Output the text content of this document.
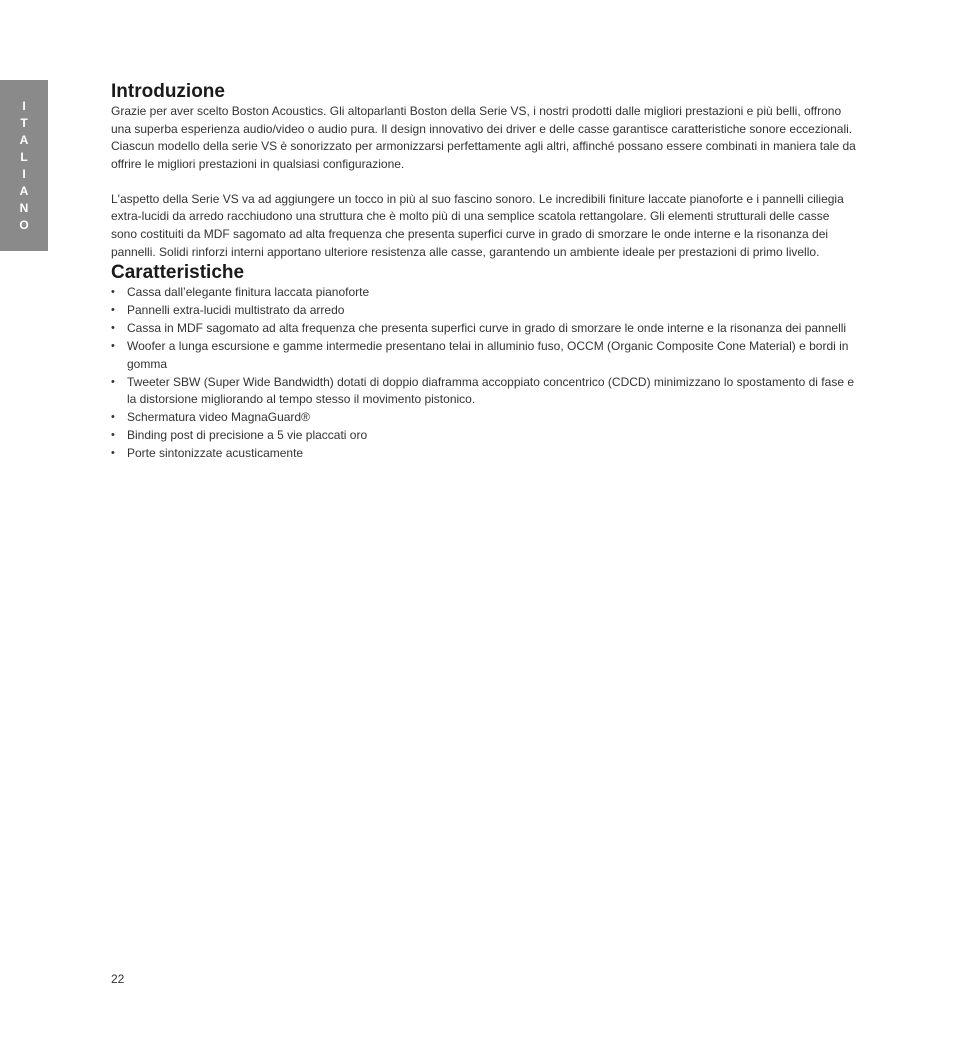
I
T
A
L
I
A
N
O
Introduzione

Grazie per aver scelto Boston Acoustics. Gli altoparlanti Boston della Serie VS, i nostri prodotti dalle migliori prestazioni e più belli, offrono una superba esperienza audio/video o audio pura. Il design innovativo dei driver e delle casse garantisce caratteristiche sonore eccezionali. Ciascun modello della serie VS è sonorizzato per armonizzarsi perfettamente agli altri, affinché possano essere combinati in maniera tale da offrire le migliori prestazioni in qualsiasi configurazione.

L'aspetto della Serie VS va ad aggiungere un tocco in più al suo fascino sonoro. Le incredibili finiture laccate pianoforte e i pannelli ciliegia extra-lucidi da arredo racchiudono una struttura che è molto più di una semplice scatola rettangolare. Gli elementi strutturali delle casse sono costituiti da MDF sagomato ad alta frequenza che presenta superfici curve in grado di smorzare le onde interne e la risonanza dei pannelli. Solidi rinforzi interni apportano ulteriore resistenza alle casse, garantendo un ambiente ideale per prestazioni di primo livello.

Caratteristiche
• Cassa dall’elegante finitura laccata pianoforte
• Pannelli extra-lucidi multistrato da arredo
• Cassa in MDF sagomato ad alta frequenza che presenta superfici curve in grado di smorzare le onde interne e la risonanza dei pannelli
• Woofer a lunga escursione e gamme intermedie presentano telai in alluminio fuso, OCCM (Organic Composite Cone Material) e bordi in gomma
• Tweeter SBW (Super Wide Bandwidth) dotati di doppio diaframma accoppiato concentrico (CDCD) minimizzano lo spostamento di fase e la distorsione migliorando al tempo stesso il movimento pistonico.
• Schermatura video MagnaGuard®
• Binding post di precisione a 5 vie placcati oro
• Porte sintonizzate acusticamente
22
